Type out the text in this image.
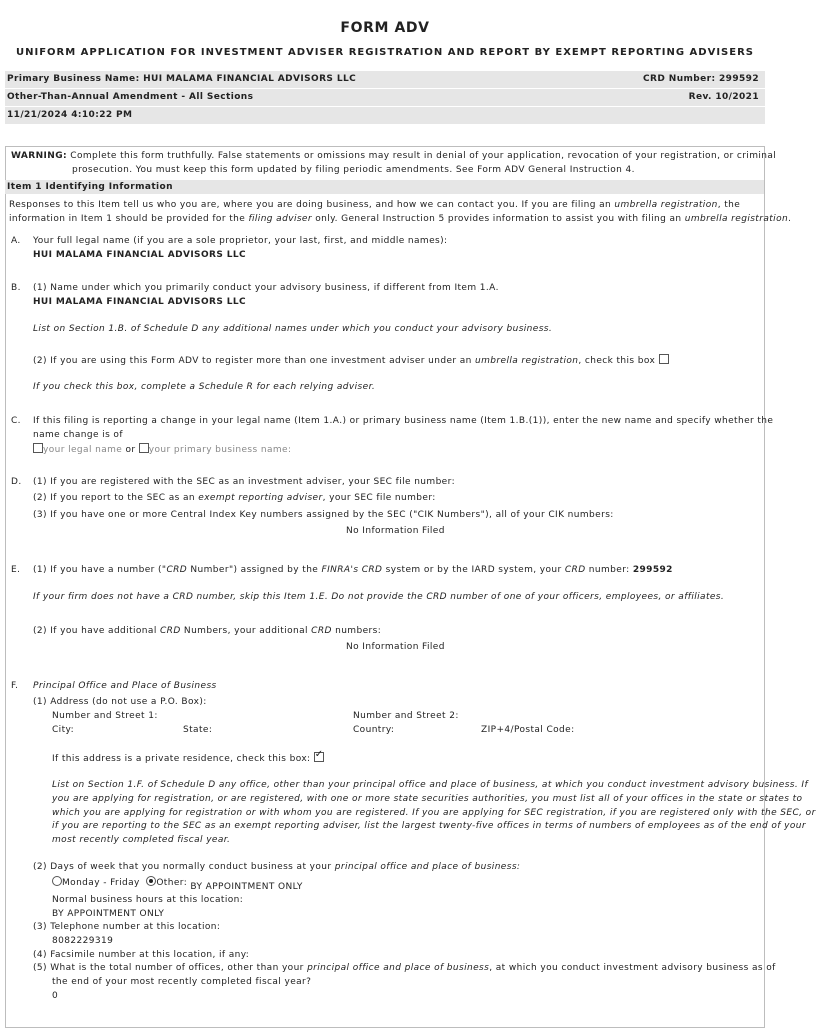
FORM ADV
UNIFORM APPLICATION FOR INVESTMENT ADVISER REGISTRATION AND REPORT BY EXEMPT REPORTING ADVISERS
Primary Business Name: HUI MALAMA FINANCIAL ADVISORS LLC	CRD Number: 299592
Other-Than-Annual Amendment - All Sections	Rev. 10/2021
11/21/2024 4:10:22 PM
WARNING: Complete this form truthfully. False statements or omissions may result in denial of your application, revocation of your registration, or criminal
prosecution. You must keep this form updated by filing periodic amendments. See Form ADV General Instruction 4.
Item 1 Identifying Information
Responses to this Item tell us who you are, where you are doing business, and how we can contact you. If you are filing an umbrella registration, the
information in Item 1 should be provided for the filing adviser only. General Instruction 5 provides information to assist you with filing an umbrella registration.
A. Your full legal name (if you are a sole proprietor, your last, first, and middle names):
HUI MALAMA FINANCIAL ADVISORS LLC
B. (1) Name under which you primarily conduct your advisory business, if different from Item 1.A.
HUI MALAMA FINANCIAL ADVISORS LLC
List on Section 1.B. of Schedule D any additional names under which you conduct your advisory business.
(2) If you are using this Form ADV to register more than one investment adviser under an umbrella registration, check this box
If you check this box, complete a Schedule R for each relying adviser.
C. If this filing is reporting a change in your legal name (Item 1.A.) or primary business name (Item 1.B.(1)), enter the new name and specify whether the
name change is of
your legal name or your primary business name:
D. (1) If you are registered with the SEC as an investment adviser, your SEC file number:
(2) If you report to the SEC as an exempt reporting adviser, your SEC file number:
(3) If you have one or more Central Index Key numbers assigned by the SEC ("CIK Numbers"), all of your CIK numbers:
No Information Filed
E. (1) If you have a number ("CRD Number") assigned by the FINRA's CRD system or by the IARD system, your CRD number: 299592
If your firm does not have a CRD number, skip this Item 1.E. Do not provide the CRD number of one of your officers, employees, or affiliates.
(2) If you have additional CRD Numbers, your additional CRD numbers:
No Information Filed
F. Principal Office and Place of Business
(1) Address (do not use a P.O. Box):
Number and Street 1:	Number and Street 2:
City:	State:	Country:	ZIP+4/Postal Code:
If this address is a private residence, check this box: ✓
List on Section 1.F. of Schedule D any office, other than your principal office and place of business, at which you conduct investment advisory business. If
you are applying for registration, or are registered, with one or more state securities authorities, you must list all of your offices in the state or states to
which you are applying for registration or with whom you are registered. If you are applying for SEC registration, if you are registered only with the SEC, or
if you are reporting to the SEC as an exempt reporting adviser, list the largest twenty-five offices in terms of numbers of employees as of the end of your
most recently completed fiscal year.
(2) Days of week that you normally conduct business at your principal office and place of business:
Monday - Friday Other: BY APPOINTMENT ONLY
Normal business hours at this location:
BY APPOINTMENT ONLY
(3) Telephone number at this location:
8082229319
(4) Facsimile number at this location, if any:
(5) What is the total number of offices, other than your principal office and place of business, at which you conduct investment advisory business as of
the end of your most recently completed fiscal year?
0
